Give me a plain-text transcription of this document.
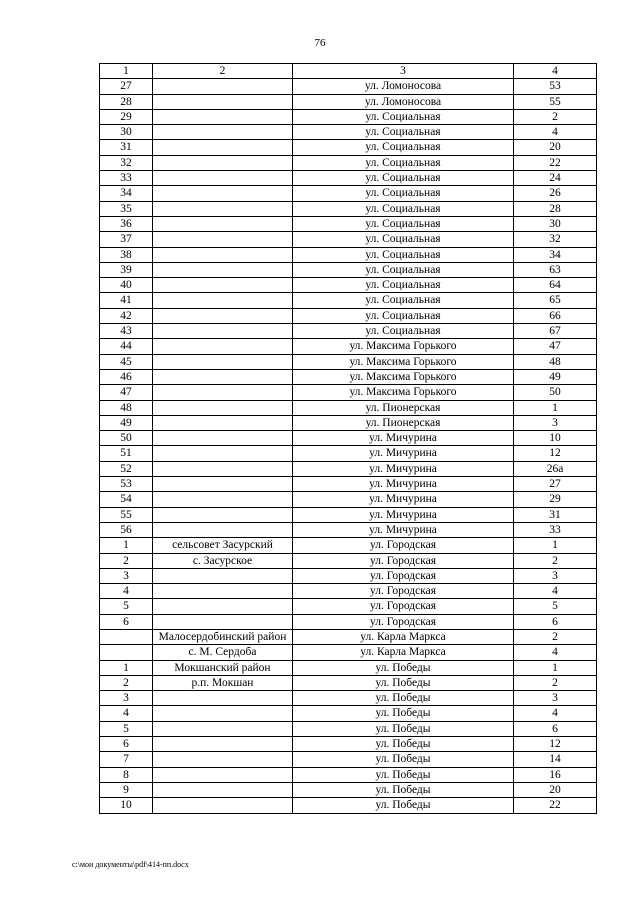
76
1	2	3	4
27		ул. Ломоносова	53
28		ул. Ломоносова	55
29		ул. Социальная	2
30		ул. Социальная	4
31		ул. Социальная	20
32		ул. Социальная	22
33		ул. Социальная	24
34		ул. Социальная	26
35		ул. Социальная	28
36		ул. Социальная	30
37		ул. Социальная	32
38		ул. Социальная	34
39		ул. Социальная	63
40		ул. Социальная	64
41		ул. Социальная	65
42		ул. Социальная	66
43		ул. Социальная	67
44		ул. Максима Горького	47
45		ул. Максима Горького	48
46		ул. Максима Горького	49
47		ул. Максима Горького	50
48		ул. Пионерская	1
49		ул. Пионерская	3
50		ул. Мичурина	10
51		ул. Мичурина	12
52		ул. Мичурина	26а
53		ул. Мичурина	27
54		ул. Мичурина	29
55		ул. Мичурина	31
56		ул. Мичурина	33
1	сельсовет Засурский	ул. Городская	1
2	с. Засурское	ул. Городская	2
3		ул. Городская	3
4		ул. Городская	4
5		ул. Городская	5
6		ул. Городская	6
	Малосердобинский район	ул. Карла Маркса	2
	с. М. Сердоба	ул. Карла Маркса	4
1	Мокшанский район	ул. Победы	1
2	р.п. Мокшан	ул. Победы	2
3		ул. Победы	3
4		ул. Победы	4
5		ул. Победы	6
6		ул. Победы	12
7		ул. Победы	14
8		ул. Победы	16
9		ул. Победы	20
10		ул. Победы	22
c:\мои документы\pdf\414-пп.docx
